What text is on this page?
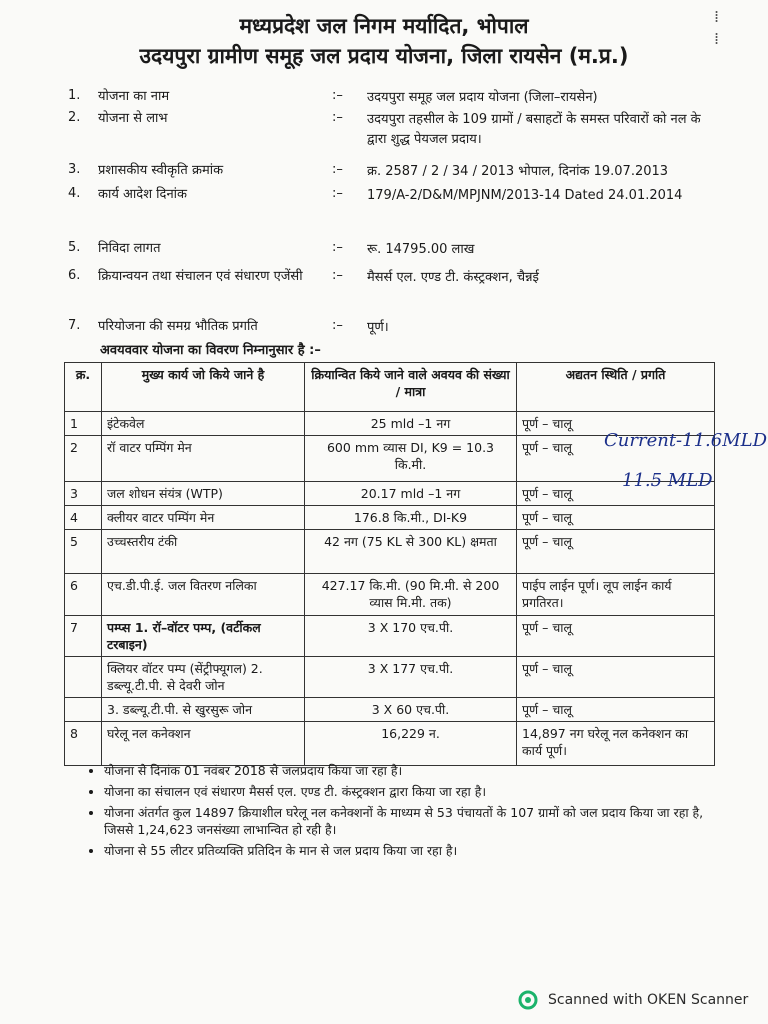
मध्यप्रदेश जल निगम मर्यादित, भोपाल
उदयपुरा ग्रामीण समूह जल प्रदाय योजना, जिला रायसेन (म.प्र.)
⁞
⁞
1.	योजना का नाम	:–	उदयपुरा समूह जल प्रदाय योजना (जिला–रायसेन)
2.	योजना से लाभ	:–	उदयपुरा तहसील के 109 ग्रामों / बसाहटों के समस्त परिवारों को नल के द्वारा शुद्ध पेयजल प्रदाय।
3.	प्रशासकीय स्वीकृति क्रमांक	:–	क्र. 2587 / 2 / 34 / 2013 भोपाल, दिनांक 19.07.2013
4.	कार्य आदेश दिनांक	:–	179/A-2/D&M/MPJNM/2013-14 Dated 24.01.2014
5.	निविदा लागत	:–	रू. 14795.00 लाख
6.	क्रियान्वयन तथा संचालन एवं संधारण एजेंसी	:–	मैसर्स एल. एण्ड टी. कंस्ट्रक्शन, चैन्नई
7.	परियोजना की समग्र भौतिक प्रगति	:–	पूर्ण।
अवयववार योजना का विवरण निम्नानुसार है :–
क्र.	मुख्य कार्य जो किये जाने है	क्रियान्वित किये जाने वाले अवयव की संख्या / मात्रा	अद्यतन स्थिति / प्रगति
1	इंटेकवेल	25 mld –1 नग	पूर्ण – चालू
2	रॉ वाटर पम्पिंग मेन	600 mm व्यास DI, K9 = 10.3 कि.मी.	पूर्ण – चालू
3	जल शोधन संयंत्र (WTP)	20.17 mld –1 नग	पूर्ण – चालू
4	क्लीयर वाटर पम्पिंग मेन	176.8 कि.मी., DI-K9	पूर्ण – चालू
5	उच्चस्तरीय टंकी	42 नग (75 KL से 300 KL) क्षमता	पूर्ण – चालू
6	एच.डी.पी.ई. जल वितरण नलिका	427.17 कि.मी. (90 मि.मी. से 200 व्यास मि.मी. तक)	पाईप लाईन पूर्ण। लूप लाईन कार्य प्रगतिरत।
7	पम्प्स 1. रॉ–वॉटर पम्प, (वर्टीकल टरबाइन)	3 X 170 एच.पी.	पूर्ण – चालू
	क्लियर वॉटर पम्प (सेंट्रीफ्यूगल) 2. डब्ल्यू.टी.पी. से देवरी जोन	3 X 177 एच.पी.	पूर्ण – चालू
	3. डब्ल्यू.टी.पी. से खुरसुरू जोन	3 X 60 एच.पी.	पूर्ण – चालू
8	घरेलू नल कनेक्शन	16,229 न.	14,897 नग घरेलू नल कनेक्शन का कार्य पूर्ण।
Current-11.6MLD
11.5 MLD
• योजना से दिनांक 01 नवंबर 2018 से जलप्रदाय किया जा रहा है।
• योजना का संचालन एवं संधारण मैसर्स एल. एण्ड टी. कंस्ट्रक्शन द्वारा किया जा रहा है।
• योजना अंतर्गत कुल 14897 क्रियाशील घरेलू नल कनेक्शनों के माध्यम से 53 पंचायतों के 107 ग्रामों को जल प्रदाय किया जा रहा है, जिससे 1,24,623 जनसंख्या लाभान्वित हो रही है।
• योजना से 55 लीटर प्रतिव्यक्ति प्रतिदिन के मान से जल प्रदाय किया जा रहा है।
Scanned with OKEN Scanner
